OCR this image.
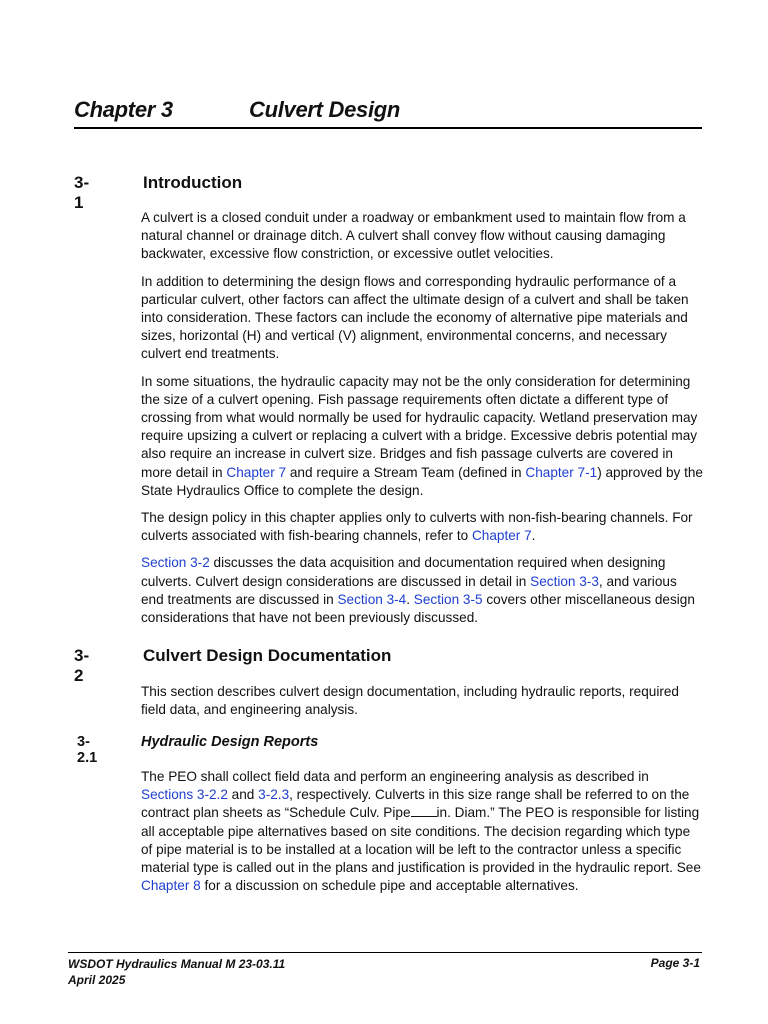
Chapter 3	Culvert Design
3-1
Introduction

A culvert is a closed conduit under a roadway or embankment used to maintain flow from a natural channel or drainage ditch. A culvert shall convey flow without causing damaging backwater, excessive flow constriction, or excessive outlet velocities.

In addition to determining the design flows and corresponding hydraulic performance of a particular culvert, other factors can affect the ultimate design of a culvert and shall be taken into consideration. These factors can include the economy of alternative pipe materials and sizes, horizontal (H) and vertical (V) alignment, environmental concerns, and necessary culvert end treatments.

In some situations, the hydraulic capacity may not be the only consideration for determining the size of a culvert opening. Fish passage requirements often dictate a different type of crossing from what would normally be used for hydraulic capacity. Wetland preservation may require upsizing a culvert or replacing a culvert with a bridge. Excessive debris potential may also require an increase in culvert size. Bridges and fish passage culverts are covered in more detail in Chapter 7 and require a Stream Team (defined in Chapter 7-1) approved by the State Hydraulics Office to complete the design.

The design policy in this chapter applies only to culverts with non-fish-bearing channels. For culverts associated with fish-bearing channels, refer to Chapter 7.

Section 3-2 discusses the data acquisition and documentation required when designing culverts. Culvert design considerations are discussed in detail in Section 3-3, and various end treatments are discussed in Section 3-4. Section 3-5 covers other miscellaneous design considerations that have not been previously discussed.

3-2
Culvert Design Documentation

This section describes culvert design documentation, including hydraulic reports, required field data, and engineering analysis.

3-2.1
Hydraulic Design Reports

The PEO shall collect field data and perform an engineering analysis as described in Sections 3-2.2 and 3-2.3, respectively. Culverts in this size range shall be referred to on the contract plan sheets as “Schedule Culv. Pipe in. Diam.” The PEO is responsible for listing all acceptable pipe alternatives based on site conditions. The decision regarding which type of pipe material is to be installed at a location will be left to the contractor unless a specific material type is called out in the plans and justification is provided in the hydraulic report. See Chapter 8 for a discussion on schedule pipe and acceptable alternatives.

WSDOT Hydraulics Manual M 23-03.11
April 2025
Page 3-1
